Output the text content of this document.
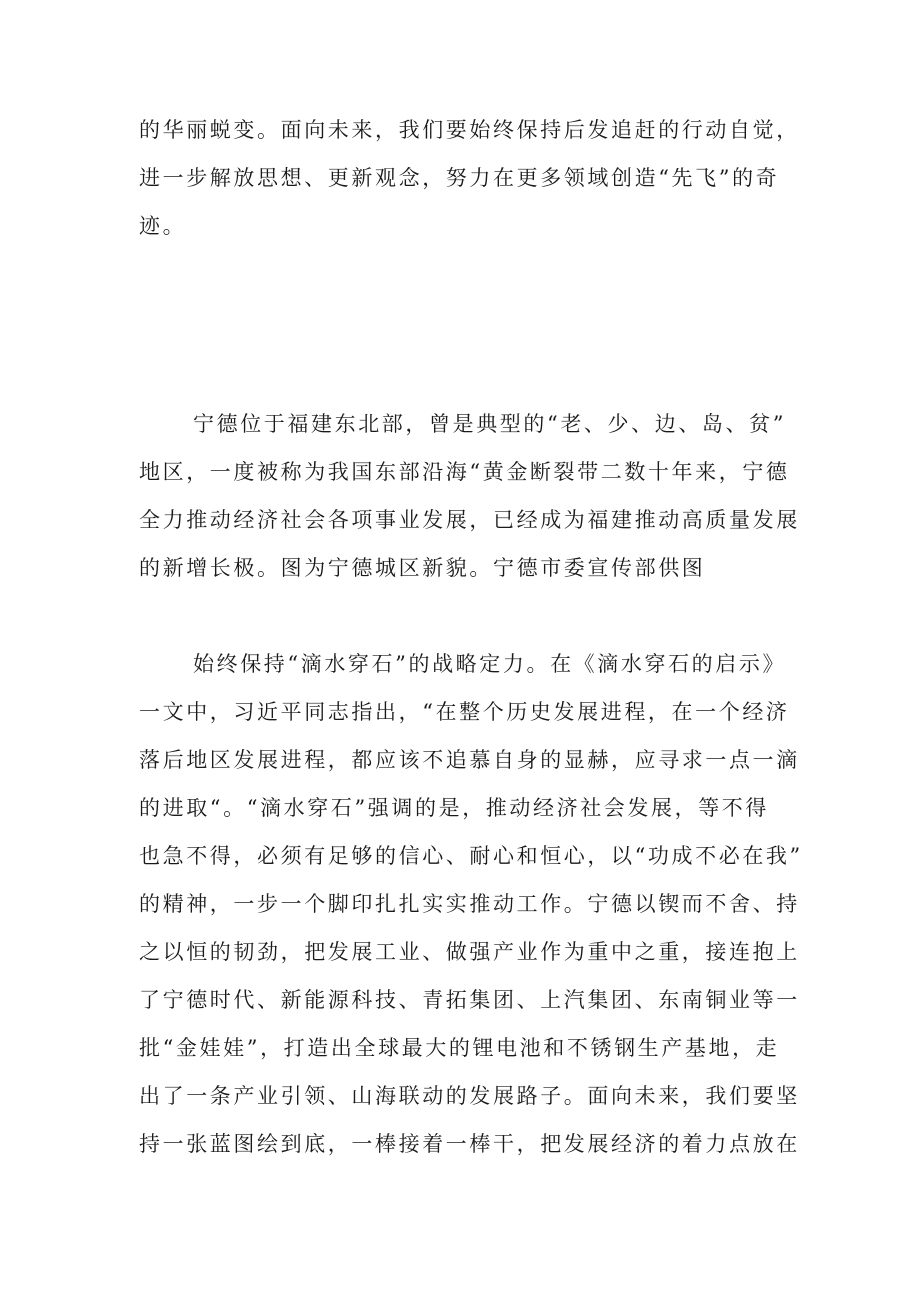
的华丽蜕变。面向未来，我们要始终保持后发追赶的行动自觉，
进一步解放思想、更新观念，努力在更多领域创造“先飞”的奇
迹。
宁德位于福建东北部，曾是典型的“老、少、边、岛、贫”
地区，一度被称为我国东部沿海“黄金断裂带二数十年来，宁德
全力推动经济社会各项事业发展，已经成为福建推动高质量发展
的新增长极。图为宁德城区新貌。宁德市委宣传部供图
始终保持“滴水穿石”的战略定力。在《滴水穿石的启示》
一文中，习近平同志指出，“在整个历史发展进程，在一个经济
落后地区发展进程，都应该不追慕自身的显赫，应寻求一点一滴
的进取“。“滴水穿石”强调的是，推动经济社会发展，等不得
也急不得，必须有足够的信心、耐心和恒心，以“功成不必在我”
的精神，一步一个脚印扎扎实实推动工作。宁德以锲而不舍、持
之以恒的韧劲，把发展工业、做强产业作为重中之重，接连抱上
了宁德时代、新能源科技、青拓集团、上汽集团、东南铜业等一
批“金娃娃”，打造出全球最大的锂电池和不锈钢生产基地，走
出了一条产业引领、山海联动的发展路子。面向未来，我们要坚
持一张蓝图绘到底，一棒接着一棒干，把发展经济的着力点放在
